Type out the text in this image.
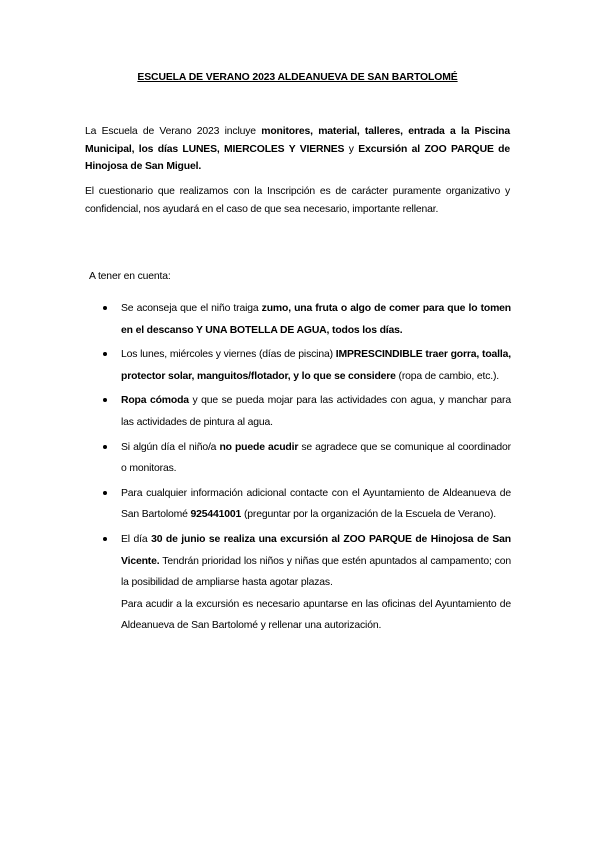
ESCUELA DE VERANO 2023 ALDEANUEVA DE SAN BARTOLOMÉ
La Escuela de Verano 2023 incluye monitores, material, talleres, entrada a la Piscina Municipal, los días LUNES, MIERCOLES Y VIERNES y Excursión al ZOO PARQUE de Hinojosa de San Miguel.
El cuestionario que realizamos con la Inscripción es de carácter puramente organizativo y confidencial, nos ayudará en el caso de que sea necesario, importante rellenar.
A tener en cuenta:
Se aconseja que el niño traiga zumo, una fruta o algo de comer para que lo tomen en el descanso Y UNA BOTELLA DE AGUA, todos los días.
Los lunes, miércoles y viernes (días de piscina) IMPRESCINDIBLE traer gorra, toalla, protector solar, manguitos/flotador, y lo que se considere (ropa de cambio, etc.).
Ropa cómoda y que se pueda mojar para las actividades con agua, y manchar para las actividades de pintura al agua.
Si algún día el niño/a no puede acudir se agradece que se comunique al coordinador o monitoras.
Para cualquier información adicional contacte con el Ayuntamiento de Aldeanueva de San Bartolomé 925441001 (preguntar por la organización de la Escuela de Verano).
El día 30 de junio se realiza una excursión al ZOO PARQUE de Hinojosa de San Vicente. Tendrán prioridad los niños y niñas que estén apuntados al campamento; con la posibilidad de ampliarse hasta agotar plazas.
Para acudir a la excursión es necesario apuntarse en las oficinas del Ayuntamiento de Aldeanueva de San Bartolomé y rellenar una autorización.
